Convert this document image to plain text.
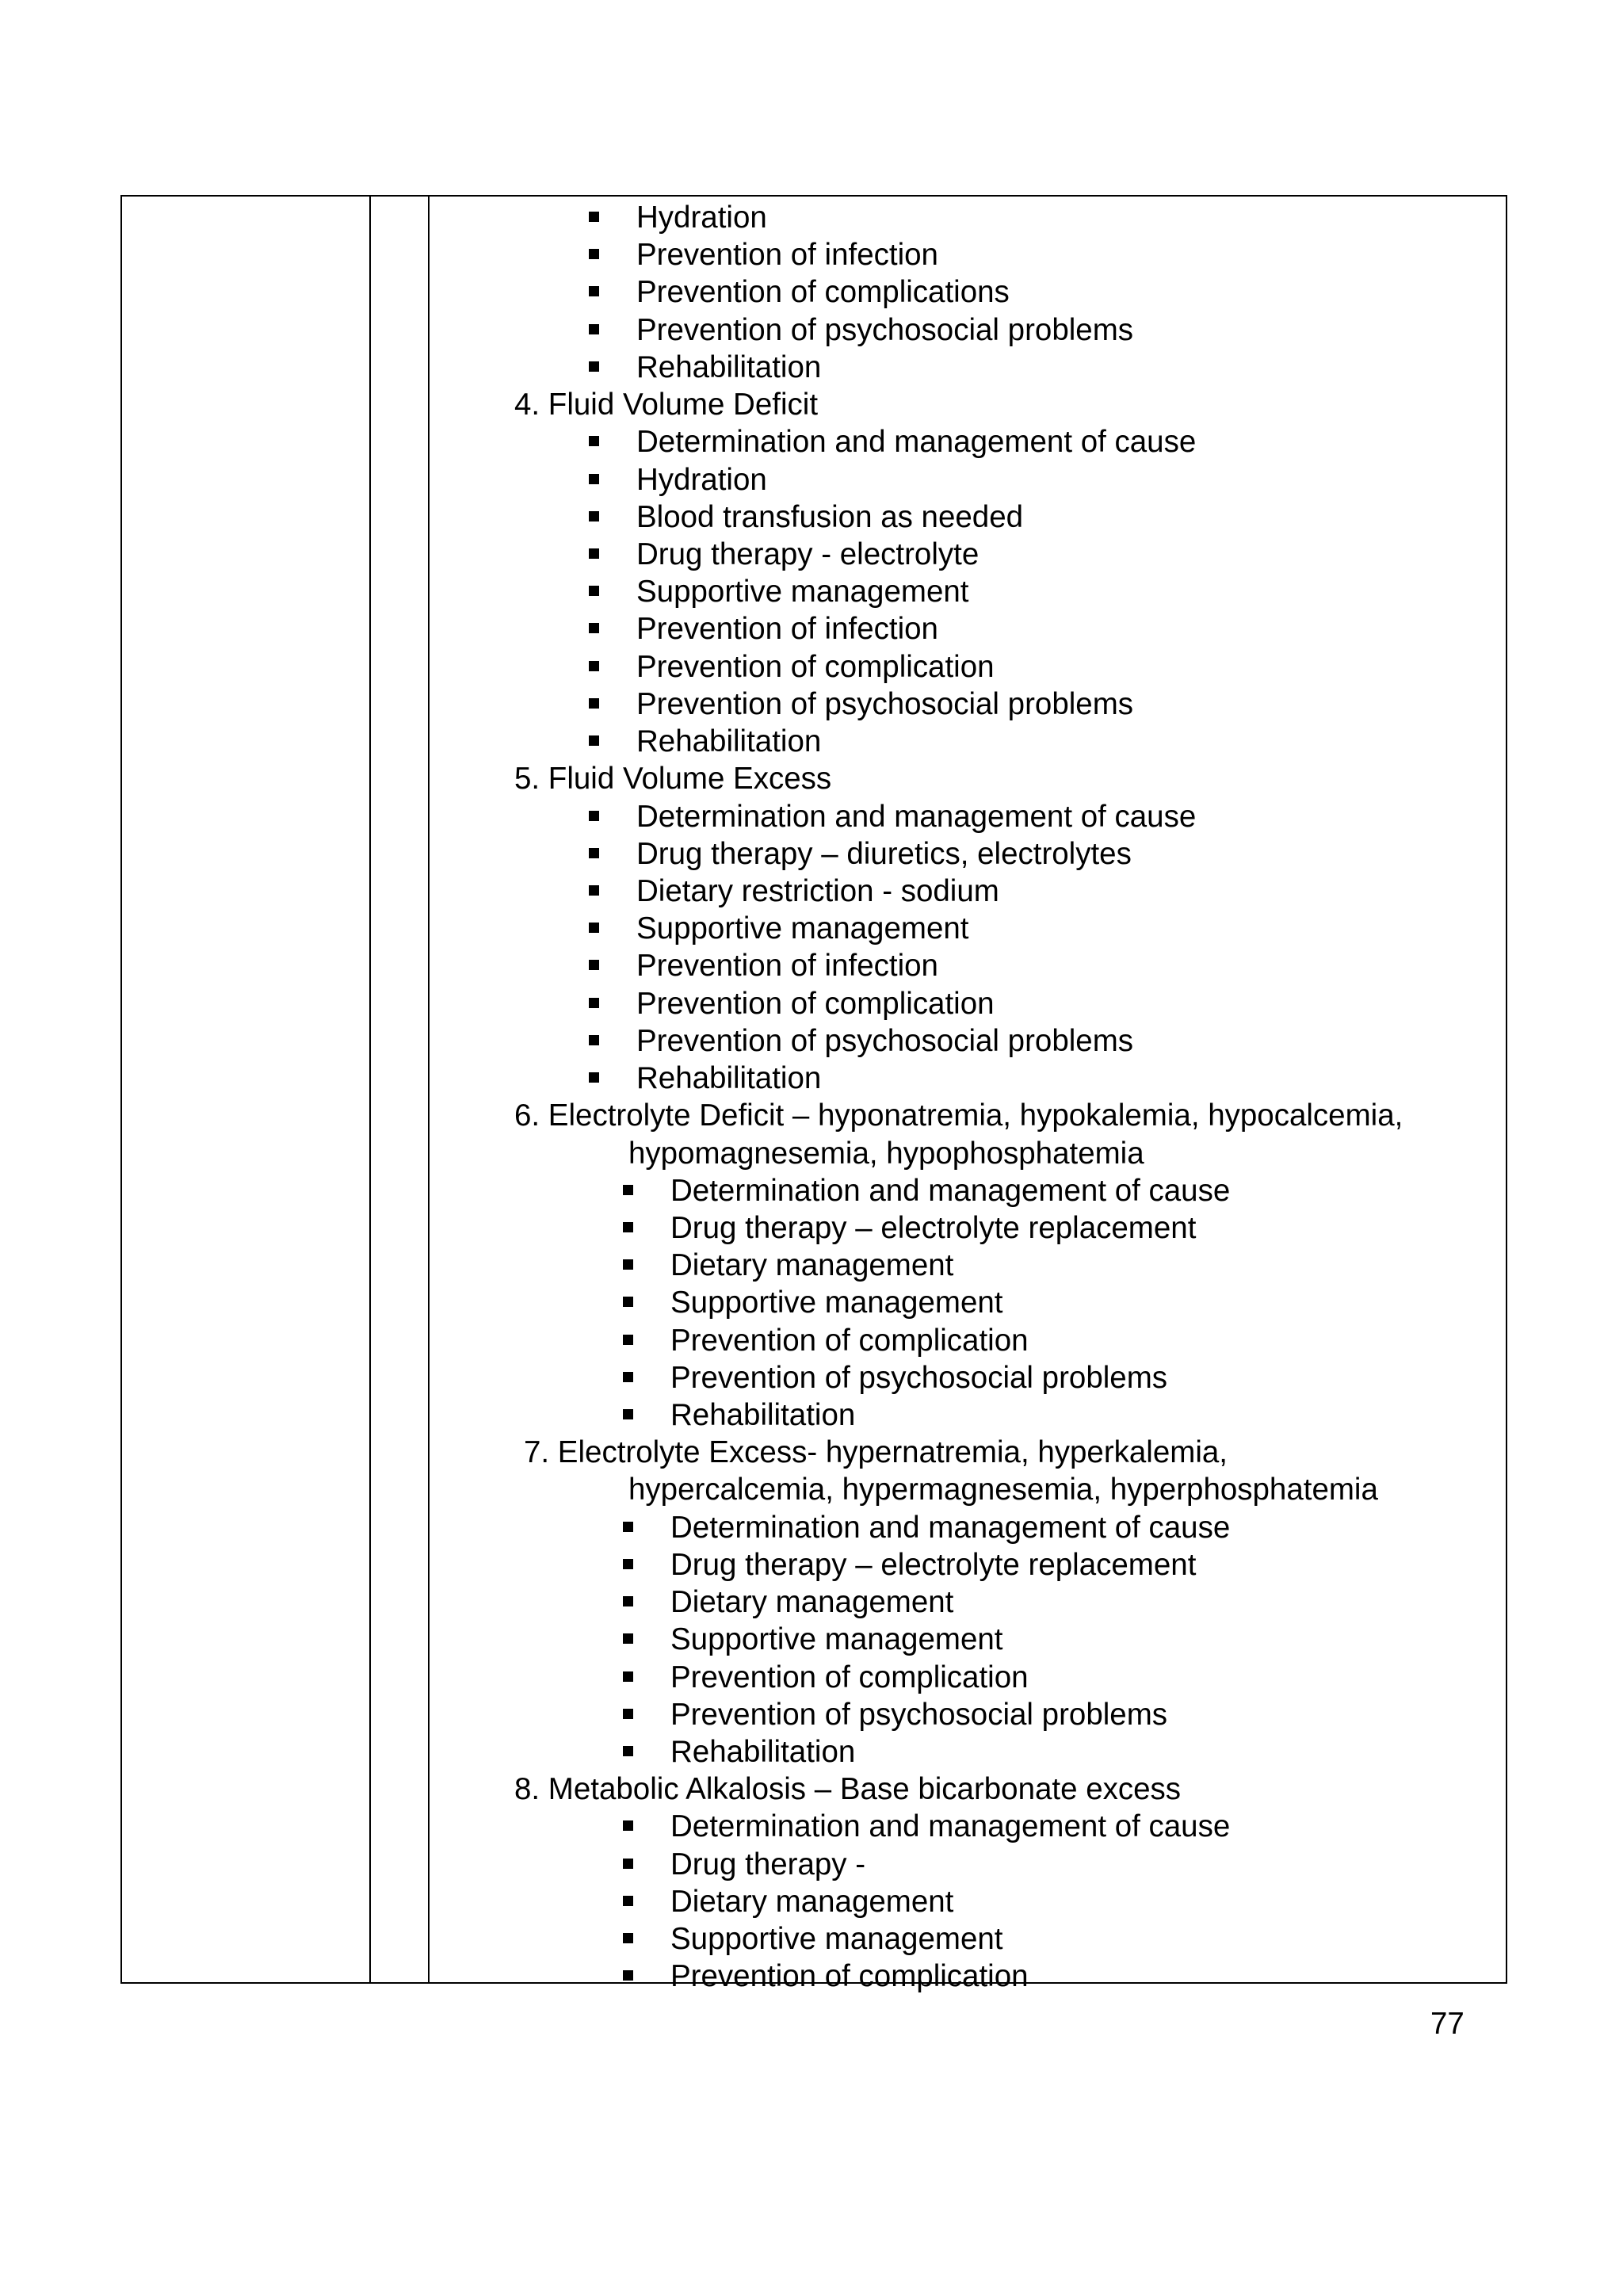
Hydration
Prevention of infection
Prevention of complications
Prevention of psychosocial problems
Rehabilitation
4. Fluid Volume Deficit
Determination and management of cause
Hydration
Blood transfusion as needed
Drug therapy - electrolyte
Supportive management
Prevention of infection
Prevention of complication
Prevention of psychosocial problems
Rehabilitation
5. Fluid Volume Excess
Determination and management of cause
Drug therapy – diuretics, electrolytes
Dietary restriction - sodium
Supportive management
Prevention of infection
Prevention of complication
Prevention of psychosocial problems
Rehabilitation
6. Electrolyte Deficit – hyponatremia, hypokalemia, hypocalcemia,
hypomagnesemia, hypophosphatemia
Determination and management of cause
Drug therapy – electrolyte replacement
Dietary management
Supportive management
Prevention of complication
Prevention of psychosocial problems
Rehabilitation
7. Electrolyte Excess- hypernatremia, hyperkalemia,
hypercalcemia, hypermagnesemia, hyperphosphatemia
Determination and management of cause
Drug therapy – electrolyte replacement
Dietary management
Supportive management
Prevention of complication
Prevention of psychosocial problems
Rehabilitation
8. Metabolic Alkalosis – Base bicarbonate excess
Determination and management of cause
Drug therapy -
Dietary management
Supportive management
Prevention of complication
77
